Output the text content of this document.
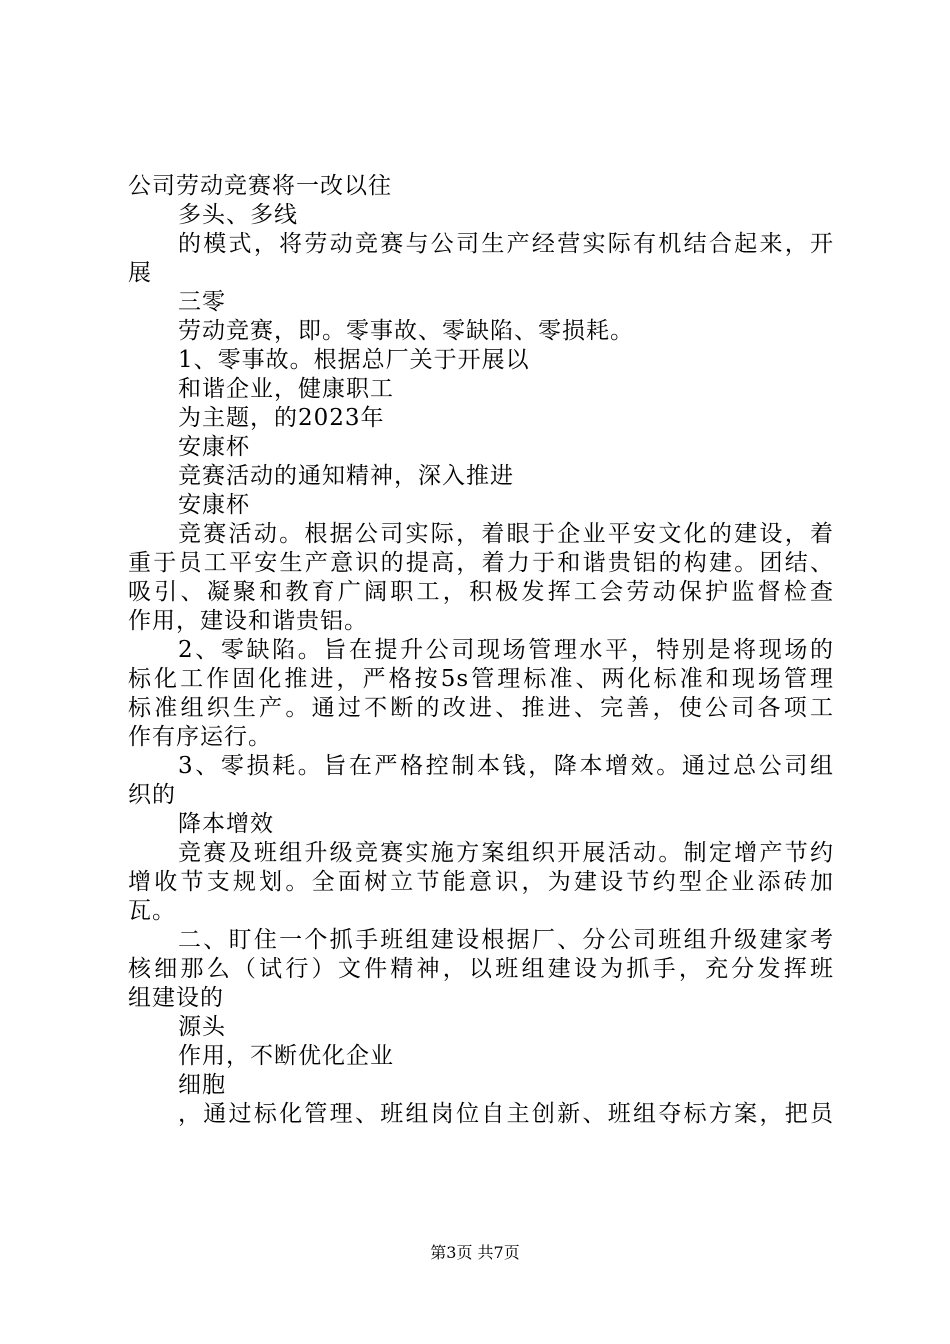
公司劳动竞赛将一改以往
多头、多线
的模式，将劳动竞赛与公司生产经营实际有机结合起来，开
展
三零
劳动竞赛，即。零事故、零缺陷、零损耗。
1、零事故。根据总厂关于开展以
和谐企业，健康职工
为主题，的2023年
安康杯
竞赛活动的通知精神，深入推进
安康杯
竞赛活动。根据公司实际，着眼于企业平安文化的建设，着
重于员工平安生产意识的提高，着力于和谐贵铝的构建。团结、
吸引、凝聚和教育广阔职工，积极发挥工会劳动保护监督检查
作用，建设和谐贵铝。
2、零缺陷。旨在提升公司现场管理水平，特别是将现场的
标化工作固化推进，严格按5s管理标准、两化标准和现场管理
标准组织生产。通过不断的改进、推进、完善，使公司各项工
作有序运行。
3、零损耗。旨在严格控制本钱，降本增效。通过总公司组
织的
降本增效
竞赛及班组升级竞赛实施方案组织开展活动。制定增产节约
增收节支规划。全面树立节能意识，为建设节约型企业添砖加
瓦。
二、盯住一个抓手班组建设根据厂、分公司班组升级建家考
核细那么（试行）文件精神，以班组建设为抓手，充分发挥班
组建设的
源头
作用，不断优化企业
细胞
，通过标化管理、班组岗位自主创新、班组夺标方案，把员
第3页 共7页
